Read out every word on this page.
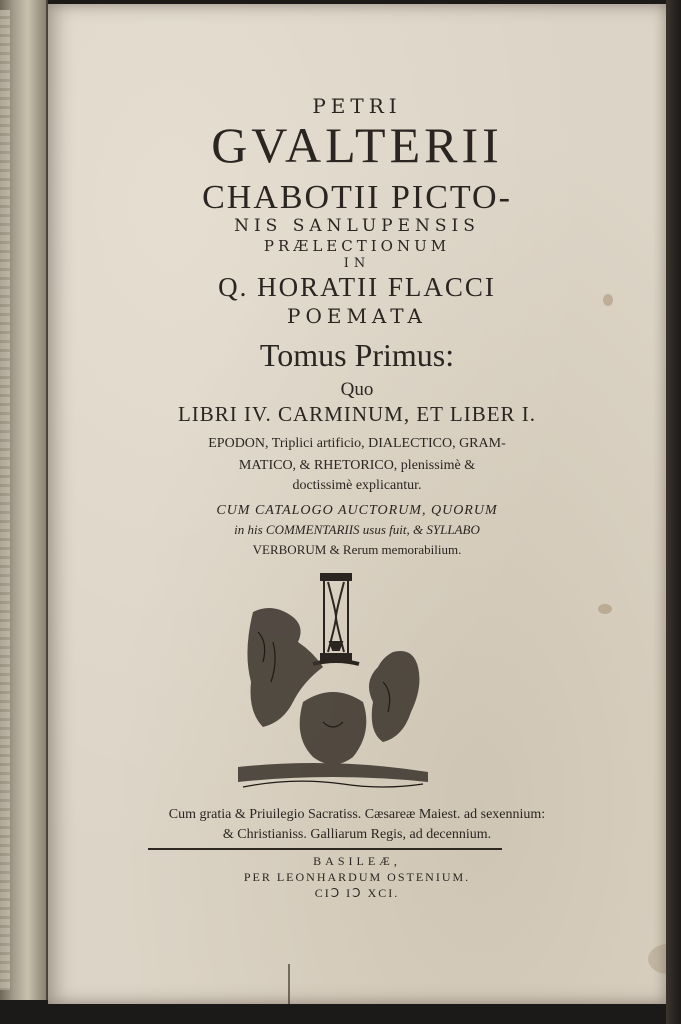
PETRI
GVALTERII
CHABOTII PICTO-
NIS SANLUPENSIS
PRÆLECTIONUM
IN
Q. HORATII FLACCI
POEMATA
Tomus Primus:
Quo
LIBRI IV. CARMINUM, ET LIBER I.
EPODON, Triplici artificio, DIALECTICO, GRAM-
MATICO, & RHETORICO, plenissimè &
doctissimè explicantur.
CUM CATALOGO AUCTORUM, QUORUM
in his COMMENTARIIS usus fuit, & SYLLABO
VERBORUM & Rerum memorabilium.
Cum gratia & Priuilegio Sacratiss. Cæsareæ Maiest. ad sexennium:
& Christianiss. Galliarum Regis, ad decennium.
BASILEÆ,
PER LEONHARDUM OSTENIUM.
CIↃ IↃ XCI.
